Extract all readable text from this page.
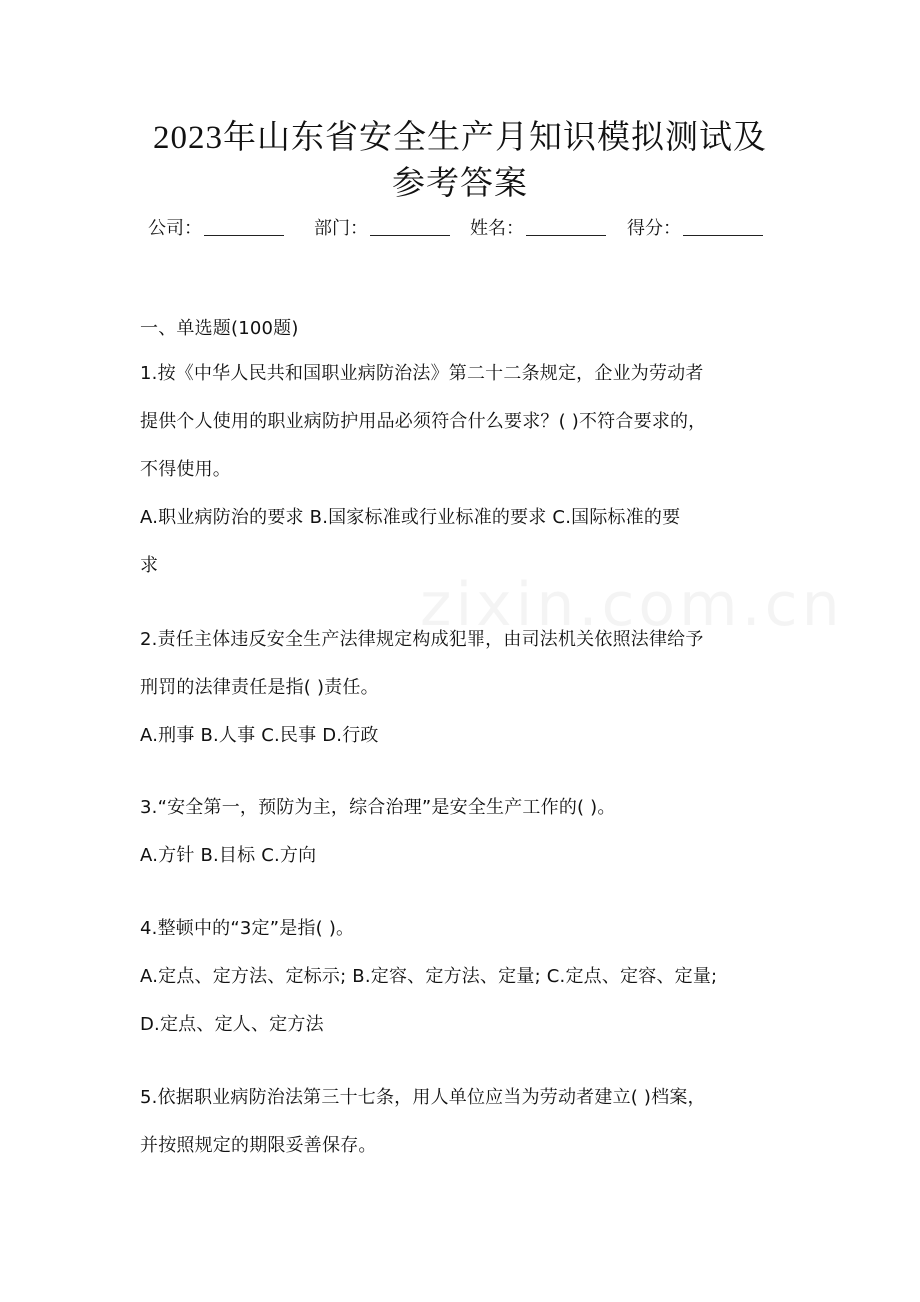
2023年山东省安全生产月知识模拟测试及
参考答案
公司：	部门：	姓名：	得分：
一、单选题(100题)
1.按《中华人民共和国职业病防治法》第二十二条规定，企业为劳动者
提供个人使用的职业病防护用品必须符合什么要求？( )不符合要求的，
不得使用。
A.职业病防治的要求 B.国家标准或行业标准的要求 C.国际标准的要
求
2.责任主体违反安全生产法律规定构成犯罪，由司法机关依照法律给予
刑罚的法律责任是指( )责任。
A.刑事 B.人事 C.民事 D.行政
3.“安全第一，预防为主，综合治理”是安全生产工作的( )。
A.方针 B.目标 C.方向
4.整顿中的“3定”是指( )。
A.定点、定方法、定标示; B.定容、定方法、定量; C.定点、定容、定量;
D.定点、定人、定方法
5.依据职业病防治法第三十七条，用人单位应当为劳动者建立( )档案，
并按照规定的期限妥善保存。
